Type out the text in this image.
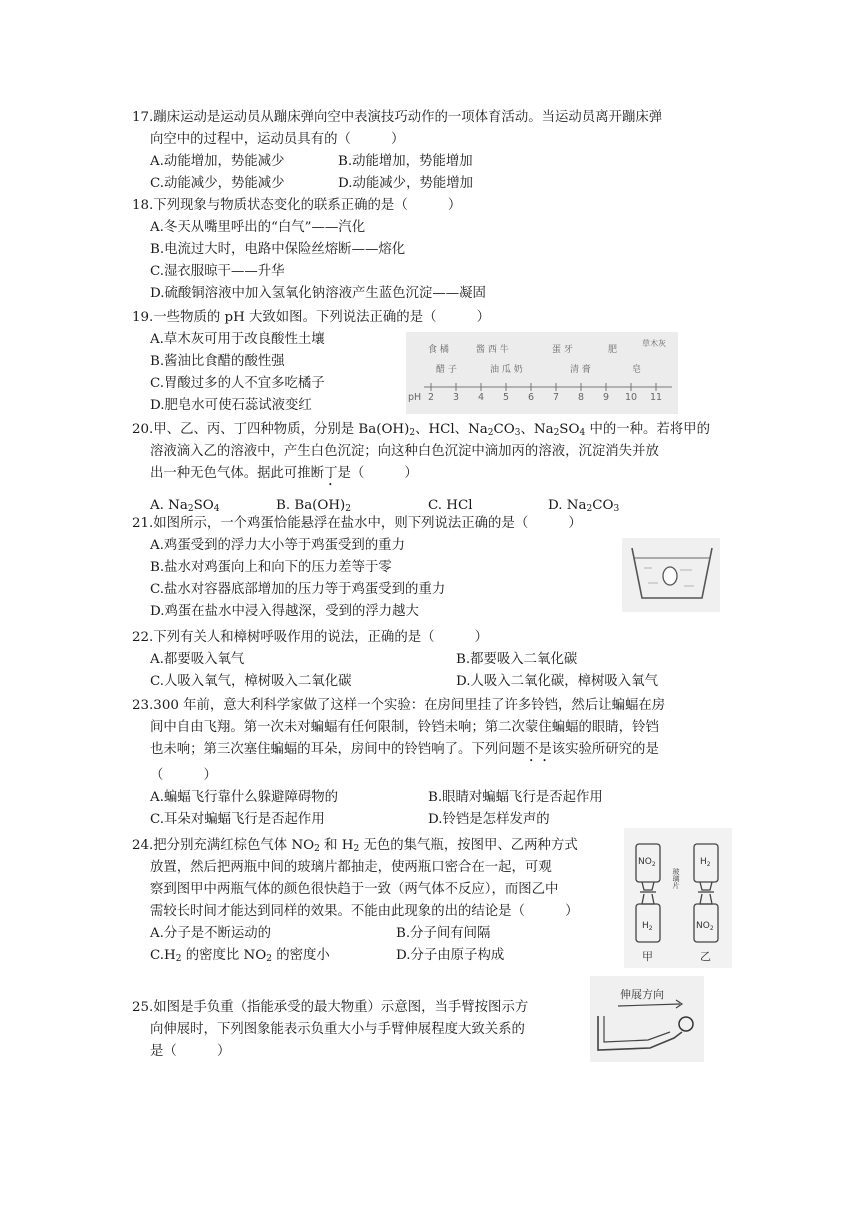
17.蹦床运动是运动员从蹦床弹向空中表演技巧动作的一项体育活动。当运动员离开蹦床弹
向空中的过程中，运动员具有的（　　　）
A.动能增加，势能减少	B.动能增加，势能增加
C.动能减少，势能减少	D.动能减少，势能增加
18.下列现象与物质状态变化的联系正确的是（　　　）
A.冬天从嘴里呼出的“白气”——汽化
B.电流过大时，电路中保险丝熔断——熔化
C.湿衣服晾干——升华
D.硫酸铜溶液中加入氢氧化钠溶液产生蓝色沉淀——凝固
19.一些物质的 pH 大致如图。下列说法正确的是（　　　）
A.草木灰可用于改良酸性土壤
B.酱油比食醋的酸性强
C.胃酸过多的人不宜多吃橘子
D.肥皂水可使石蕊试液变红
食 橘	酱 西 牛	蛋 牙	肥
草木灰
醋 子	油 瓜 奶	清 膏	皂
pH 2 3 4 5 6 7 8 9 10 11
20.甲、乙、丙、丁四种物质，分别是 $Ba(OH)_2$、HCl、$Na_2CO_3$、$Na_2SO_4$ 中的一种。若将甲的
溶液滴入乙的溶液中，产生白色沉淀；向这种白色沉淀中滴加丙的溶液，沉淀消失并放
出一种无色气体。据此可推断丁是（　　　）
A. $Na_2SO_4$	B. $Ba(OH)_2$	C. HCl	D. $Na_2CO_3$
21.如图所示，一个鸡蛋恰能悬浮在盐水中，则下列说法正确的是（　　　）
A.鸡蛋受到的浮力大小等于鸡蛋受到的重力
B.盐水对鸡蛋向上和向下的压力差等于零
C.盐水对容器底部增加的压力等于鸡蛋受到的重力
D.鸡蛋在盐水中浸入得越深，受到的浮力越大
22.下列有关人和樟树呼吸作用的说法，正确的是（　　　）
A.都要吸入氧气	B.都要吸入二氧化碳
C.人吸入氧气，樟树吸入二氧化碳	D.人吸入二氧化碳，樟树吸入氧气
23.300 年前，意大利科学家做了这样一个实验：在房间里挂了许多铃铛，然后让蝙蝠在房
间中自由飞翔。第一次未对蝙蝠有任何限制，铃铛未响；第二次蒙住蝙蝠的眼睛，铃铛
也未响；第三次塞住蝙蝠的耳朵，房间中的铃铛响了。下列问题不是该实验所研究的是
（　　　）
A.蝙蝠飞行靠什么躲避障碍物的	B.眼睛对蝙蝠飞行是否起作用
C.耳朵对蝙蝠飞行是否起作用	D.铃铛是怎样发声的
24.把分别充满红棕色气体 $NO_2$ 和 $H_2$ 无色的集气瓶，按图甲、乙两种方式
放置，然后把两瓶中间的玻璃片都抽走，使两瓶口密合在一起，可观
察到图甲中两瓶气体的颜色很快趋于一致（两气体不反应），而图乙中
需较长时间才能达到同样的效果。不能由此现象的出的结论是（　　　）
A.分子是不断运动的	B.分子间有间隔
$C.H_2$ 的密度比 $NO_2$ 的密度小	D.分子由原子构成
$NO_2$
$H_2$
$H_2$
$NO_2$
玻璃片
甲	乙
25.如图是手负重（指能承受的最大物重）示意图，当手臂按图示方
向伸展时，下列图象能表示负重大小与手臂伸展程度大致关系的
是（　　　）
伸展方向
